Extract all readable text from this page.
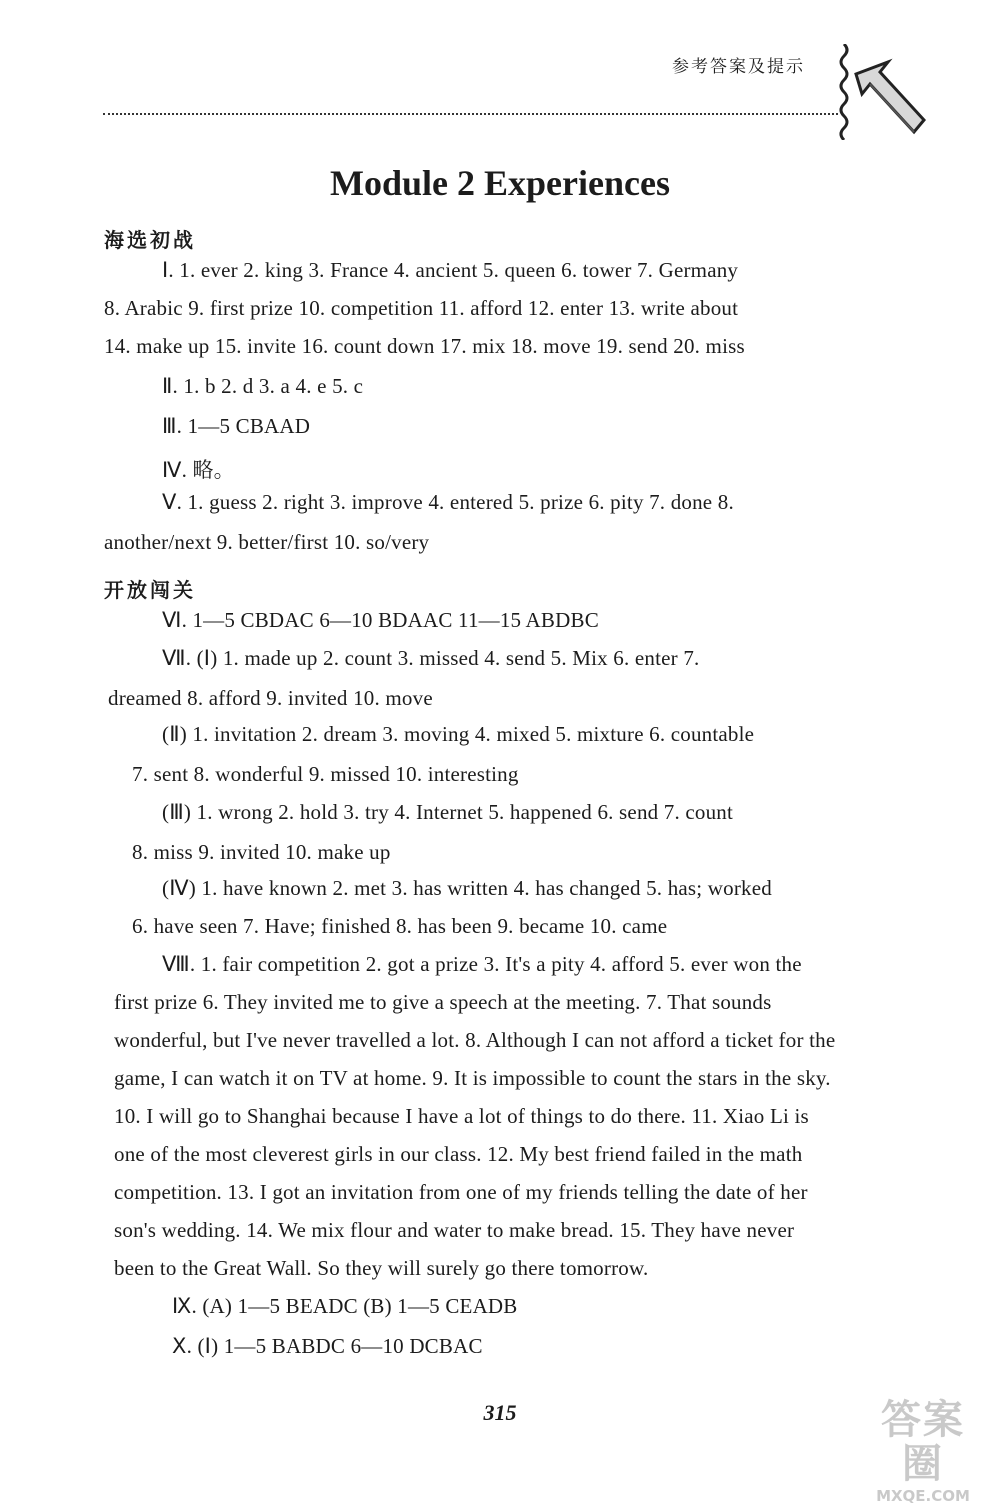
参考答案及提示
Module 2 Experiences
海选初战
开放闯关
Ⅰ. 1. ever 2. king 3. France 4. ancient 5. queen 6. tower 7. Germany
8. Arabic 9. first prize 10. competition 11. afford 12. enter 13. write about
14. make up 15. invite 16. count down 17. mix 18. move 19. send 20. miss
Ⅱ. 1. b 2. d 3. a 4. e 5. c
Ⅲ. 1—5 CBAAD
Ⅳ. 略。
Ⅴ. 1. guess 2. right 3. improve 4. entered 5. prize 6. pity 7. done 8.
another/next 9. better/first 10. so/very
Ⅵ. 1—5 CBDAC 6—10 BDAAC 11—15 ABDBC
Ⅶ. (Ⅰ) 1. made up 2. count 3. missed 4. send 5. Mix 6. enter 7.
dreamed 8. afford 9. invited 10. move
(Ⅱ) 1. invitation 2. dream 3. moving 4. mixed 5. mixture 6. countable
7. sent 8. wonderful 9. missed 10. interesting
(Ⅲ) 1. wrong 2. hold 3. try 4. Internet 5. happened 6. send 7. count
8. miss 9. invited 10. make up
(Ⅳ) 1. have known 2. met 3. has written 4. has changed 5. has; worked
6. have seen 7. Have; finished 8. has been 9. became 10. came
Ⅷ. 1. fair competition 2. got a prize 3. It's a pity 4. afford 5. ever won the
first prize 6. They invited me to give a speech at the meeting. 7. That sounds
wonderful, but I've never travelled a lot. 8. Although I can not afford a ticket for the
game, I can watch it on TV at home. 9. It is impossible to count the stars in the sky.
10. I will go to Shanghai because I have a lot of things to do there. 11. Xiao Li is
one of the most cleverest girls in our class. 12. My best friend failed in the math
competition. 13. I got an invitation from one of my friends telling the date of her
son's wedding. 14. We mix flour and water to make bread. 15. They have never
been to the Great Wall. So they will surely go there tomorrow.
Ⅸ. (A) 1—5 BEADC (B) 1—5 CEADB
Ⅹ. (Ⅰ) 1—5 BABDC 6—10 DCBAC
315	答案圈
MXQE.COM
